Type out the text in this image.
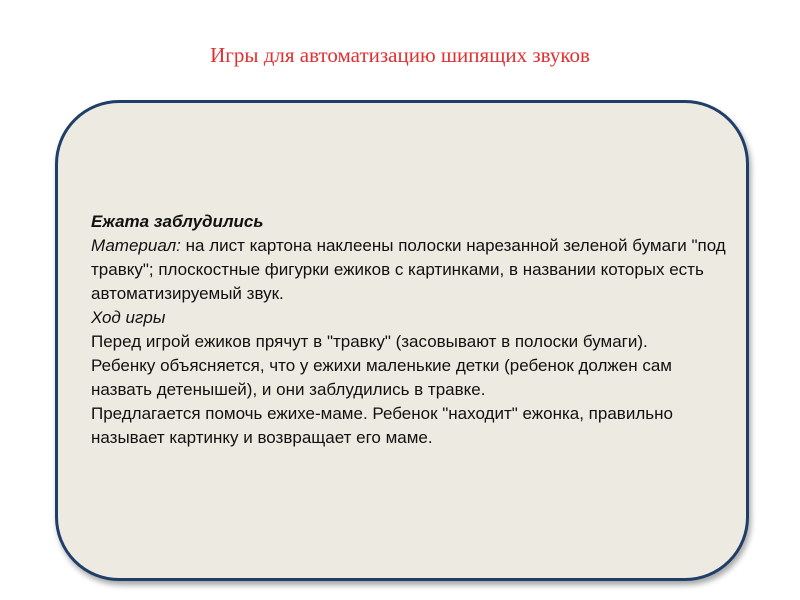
Игры для автоматизацию шипящих звуков

Ежата заблудились

Материал: на лист картона наклеены полоски нарезанной зеленой бумаги "под травку"; плоскостные фигурки ежиков с картинками, в названии которых есть автоматизируемый звук.

Ход игры

Перед игрой ежиков прячут в "травку" (засовывают в полоски бумаги).

Ребенку объясняется, что у ежихи маленькие детки (ребенок должен сам назвать детенышей), и они заблудились в травке.

Предлагается помочь ежихе-маме. Ребенок "находит" ежонка, правильно называет картинку и возвращает его маме.
